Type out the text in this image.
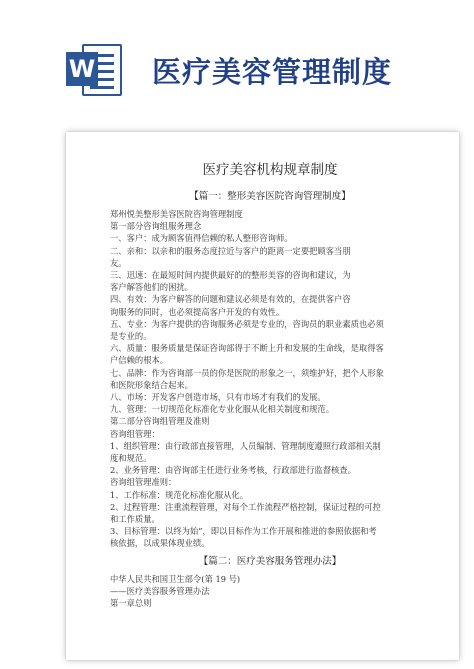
W 医疗美容管理制度
医疗美容机构规章制度
【篇一：整形美容医院咨询管理制度】

郑州悦美整形美容医院咨询管理制度

第一部分咨询组服务理念

一、客户：成为顾客值得信赖的私人整形咨询师。

二、亲和：以亲和的服务态度拉近与客户的距离一定要把顾客当朋

友。

三、迅速：在最短时间内提供最好的的整形美容的咨询和建议，为

客户解答他们的困扰。

四、有效：为客户解答的问题和建议必须是有效的，在提供客户咨

询服务的同时，也必须提高客户开发的有效性。

五、专业：为客户提供的咨询服务必须是专业的，咨询员的职业素质也必须

是专业的。

六、质量：服务质量是保证咨询部得于不断上升和发展的生命线，是取得客

户信赖的根本。

七、品牌：作为咨询部一员的你是医院的形象之一，须维护好，把个人形象

和医院形象结合起来。

八、市场：开发客户创造市场，只有市场才有我们的发展。

九、管理：一切规范化标准化专业化服从化相关制度和规范。

第二部分咨询组管理及准则

咨询组管理：

1、组织管理：由行政部直接管理，人员编制、管理制度遵照行政部相关制

度和规范。

2、业务管理：由咨询部主任进行业务考核，行政部进行监督核查。

咨询组管理准则：

1、工作标准：规范化标准化服从化。

2、过程管理：注重流程管理，对每个工作流程严格控制，保证过程的可控

和工作质量。

3、目标管理：以终为始”，即以目标作为工作开展和推进的参照依据和考

核依据，以成果体现业绩。

【篇二：医疗美容服务管理办法】

中华人民共和国卫生部令(第 19 号)

——医疗美容服务管理办法

第一章总则
